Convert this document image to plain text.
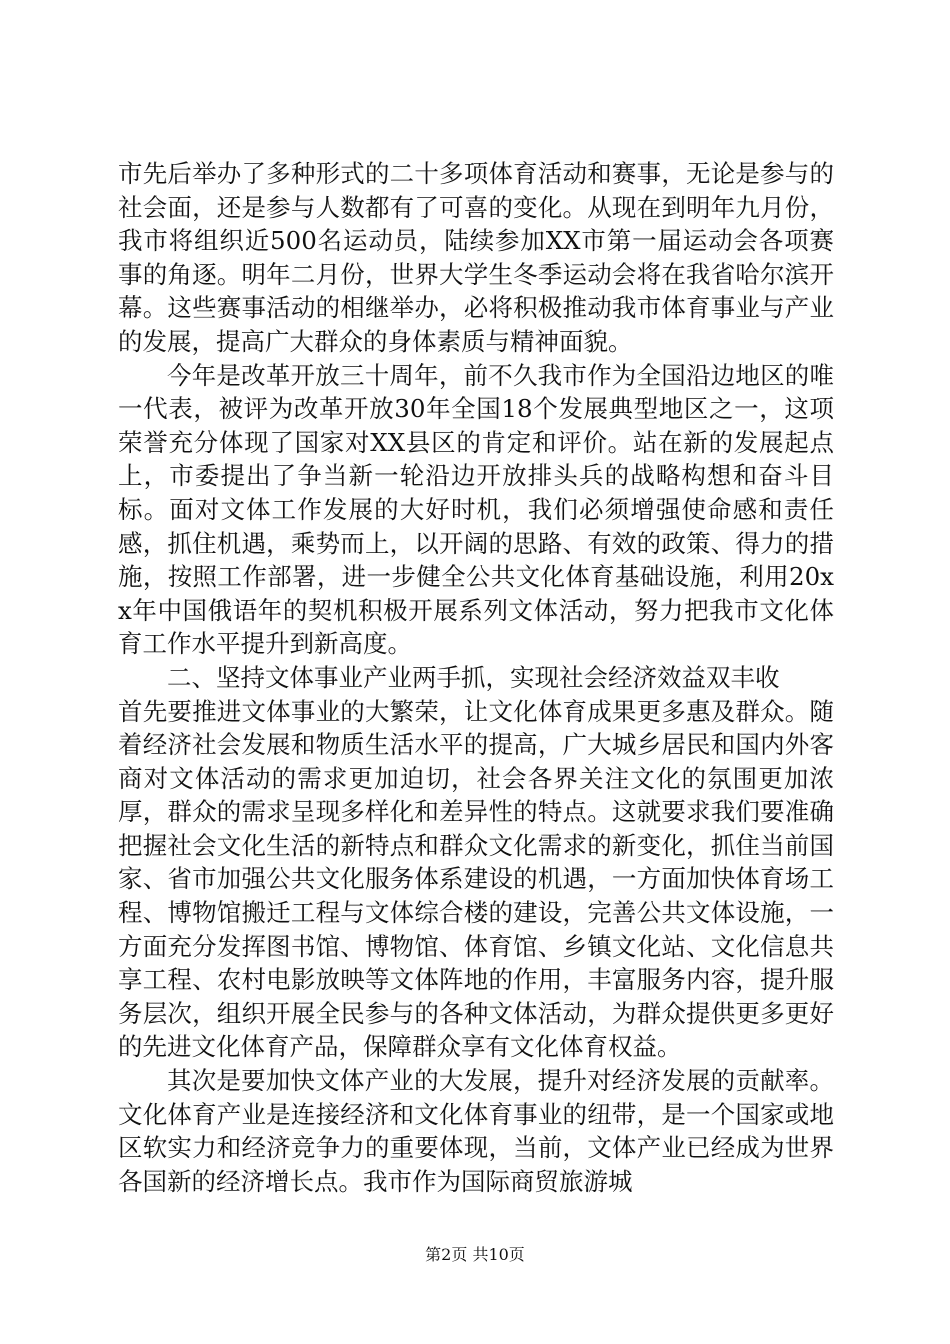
市先后举办了多种形式的二十多项体育活动和赛事，无论是参与的社会面，还是参与人数都有了可喜的变化。从现在到明年九月份，我市将组织近500名运动员，陆续参加XX市第一届运动会各项赛事的角逐。明年二月份，世界大学生冬季运动会将在我省哈尔滨开幕。这些赛事活动的相继举办，必将积极推动我市体育事业与产业的发展，提高广大群众的身体素质与精神面貌。

今年是改革开放三十周年，前不久我市作为全国沿边地区的唯一代表，被评为改革开放30年全国18个发展典型地区之一，这项荣誉充分体现了国家对XX县区的肯定和评价。站在新的发展起点上，市委提出了争当新一轮沿边开放排头兵的战略构想和奋斗目标。面对文体工作发展的大好时机，我们必须增强使命感和责任感，抓住机遇，乘势而上，以开阔的思路、有效的政策、得力的措施，按照工作部署，进一步健全公共文化体育基础设施，利用20xx年中国俄语年的契机积极开展系列文体活动，努力把我市文化体育工作水平提升到新高度。

二、坚持文体事业产业两手抓，实现社会经济效益双丰收

首先要推进文体事业的大繁荣，让文化体育成果更多惠及群众。随着经济社会发展和物质生活水平的提高，广大城乡居民和国内外客商对文体活动的需求更加迫切，社会各界关注文化的氛围更加浓厚，群众的需求呈现多样化和差异性的特点。这就要求我们要准确把握社会文化生活的新特点和群众文化需求的新变化，抓住当前国家、省市加强公共文化服务体系建设的机遇，一方面加快体育场工程、博物馆搬迁工程与文体综合楼的建设，完善公共文体设施，一方面充分发挥图书馆、博物馆、体育馆、乡镇文化站、文化信息共享工程、农村电影放映等文体阵地的作用，丰富服务内容，提升服务层次，组织开展全民参与的各种文体活动，为群众提供更多更好的先进文化体育产品，保障群众享有文化体育权益。

其次是要加快文体产业的大发展，提升对经济发展的贡献率。文化体育产业是连接经济和文化体育事业的纽带，是一个国家或地区软实力和经济竞争力的重要体现，当前，文体产业已经成为世界各国新的经济增长点。我市作为国际商贸旅游城

第2页 共10页
